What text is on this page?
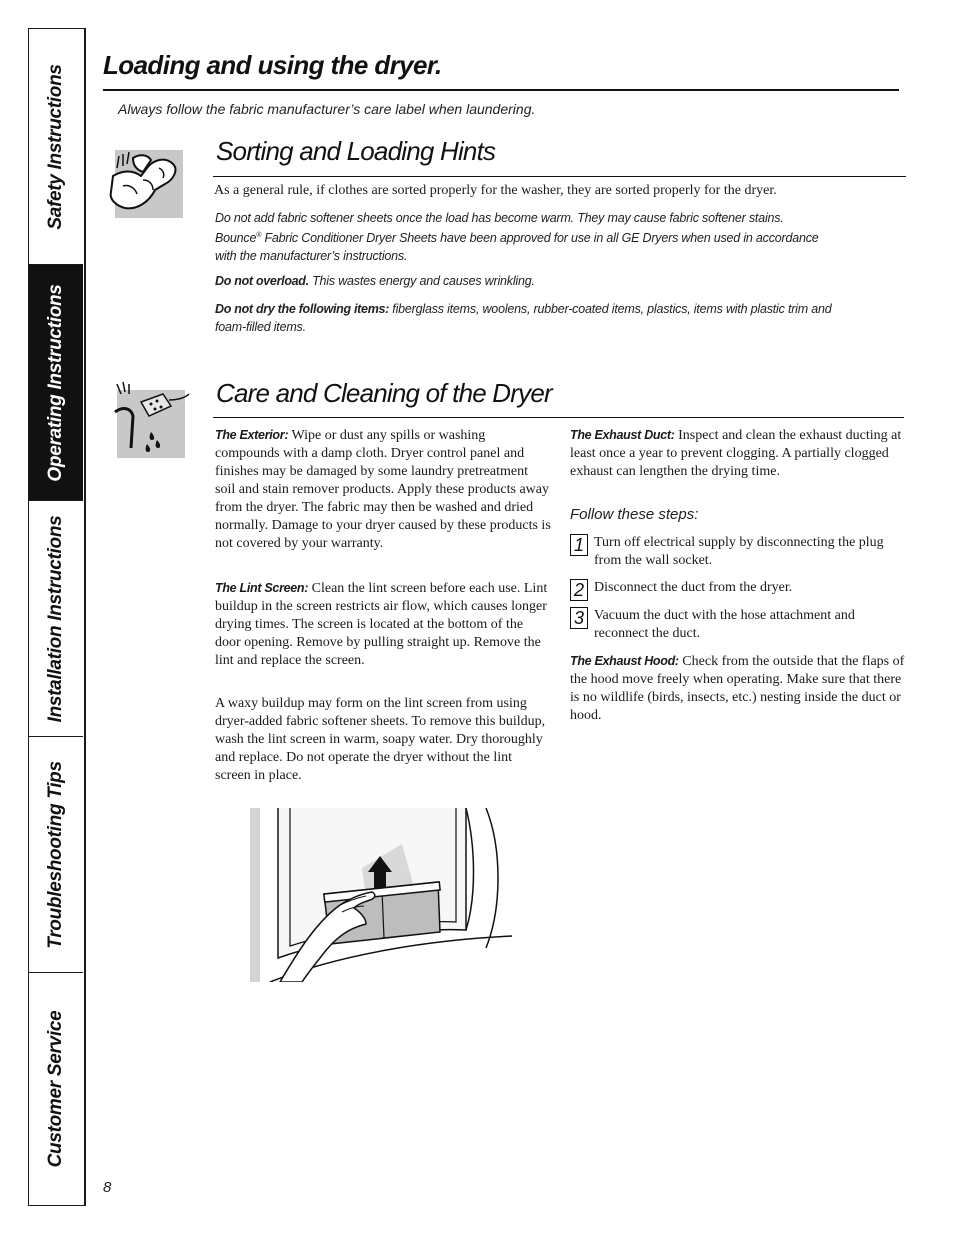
Safety Instructions
Operating Instructions
Installation Instructions
Troubleshooting Tips
Customer Service
Loading and using the dryer.

Always follow the fabric manufacturer’s care label when laundering.

Sorting and Loading Hints

As a general rule, if clothes are sorted properly for the washer, they are sorted properly for the dryer.

Do not add fabric softener sheets once the load has become warm. They may cause fabric softener stains.

Bounce® Fabric Conditioner Dryer Sheets have been approved for use in all GE Dryers when used in accordance

with the manufacturer’s instructions.

Do not overload. This wastes energy and causes wrinkling.

Do not dry the following items: fiberglass items, woolens, rubber-coated items, plastics, items with plastic trim and

foam-filled items.

Care and Cleaning of the Dryer

The Exterior: Wipe or dust any spills or washing compounds with a damp cloth. Dryer control panel and finishes may be damaged by some laundry pretreatment soil and stain remover products. Apply these products away from the dryer. The fabric may then be washed and dried normally. Damage to your dryer caused by these products is not covered by your warranty.

The Lint Screen: Clean the lint screen before each use. Lint buildup in the screen restricts air flow, which causes longer drying times. The screen is located at the bottom of the door opening. Remove by pulling straight up. Remove the lint and replace the screen.

A waxy buildup may form on the lint screen from using dryer-added fabric softener sheets. To remove this buildup, wash the lint screen in warm, soapy water. Dry thoroughly and replace. Do not operate the dryer without the lint screen in place.

The Exhaust Duct: Inspect and clean the exhaust ducting at least once a year to prevent clogging. A partially clogged exhaust can lengthen the drying time.

Follow these steps:

1 Turn off electrical supply by disconnecting the plug from the wall socket.

2 Disconnect the duct from the dryer.

3 Vacuum the duct with the hose attachment and reconnect the duct.

The Exhaust Hood: Check from the outside that the flaps of the hood move freely when operating. Make sure that there is no wildlife (birds, insects, etc.) nesting inside the duct or hood.

8
